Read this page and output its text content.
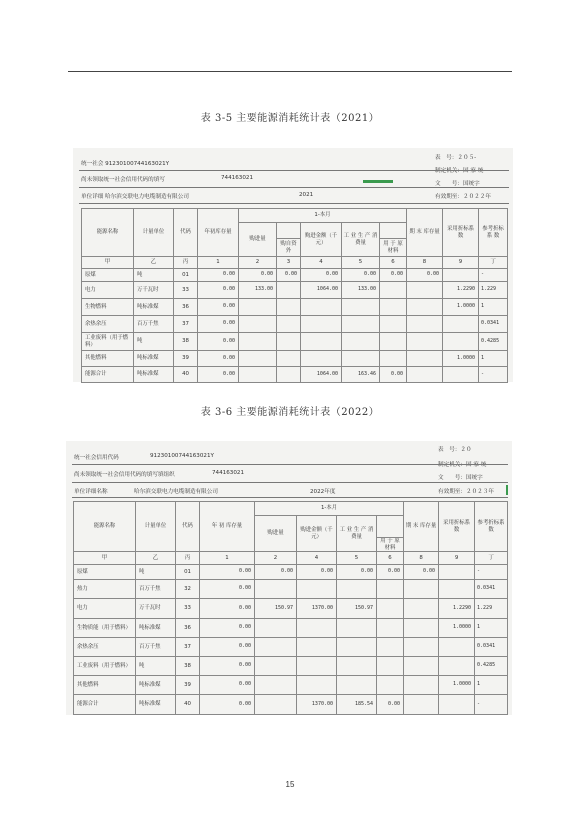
表 3-5 主要能源消耗统计表（2021）
统一社会 91230100744163021Y
尚未领取统一社会信用代码的填写	744163021
单位详细 哈尔滨交联电力电缆制造有限公司	2021
表　号：２０５-
制定机关：国 家 统
文　　号：国统字
有效期至：２０２２年
能源名称	计量单位	代码	年初库存量	1-本月					期 末 库存量	采用折标系 数	参考折标系 数
				购进量		购进金额（千元）	工 业 生 产 消费量				
					购自资外			用 于 原材料			
甲	乙	丙	1	2	3	4	5	6	8	9	丁
原煤	吨	01	0.00	0.00	0.00	0.00	0.00	0.00	0.00		-
电力	万千瓦时	33	0.00	133.00		1064.00	133.00			1.2290	1.229
生物燃料	吨标准煤	36	0.00							1.0000	1
余热余压	百万千焦	37	0.00								0.0341
工业废料（用于燃料）	吨	38	0.00								0.4285
其他燃料	吨标准煤	39	0.00							1.0000	1
能源合计	吨标准煤	40	0.00			1064.00	163.46	0.00			-
表 3-6 主要能源消耗统计表（2022）
统一社会信用代码	91230100744163021Y
尚未领取统一社会信用代码的填写填组织	744163021
单位详细名称	哈尔滨交联电力电缆制造有限公司	2022年度
表　号：２０
制定机关：国 家 统
文　　号：国统字
有效期至：２０２３年
能源名称	计量单位	代码	年 初 库存量	1-本月				期 末 库存量	采用折标系 数	参考折标系 数
				购进量	购进金额（千元）	工 业 生 产 消费量				
							用 于 原材料			
甲	乙	丙	1	2	4	5	6	8	9	丁
原煤	吨	01	0.00	0.00	0.00	0.00	0.00	0.00		-
热力	百万千焦	32	0.00							0.0341
电力	万千瓦时	33	0.00	150.97	1370.00	150.97			1.2290	1.229
生物质能（用于燃料）	吨标准煤	36	0.00						1.0000	1
余热余压	百万千焦	37	0.00							0.0341
工业废料（用于燃料）	吨	38	0.00							0.4285
其他燃料	吨标准煤	39	0.00						1.0000	1
能源合计	吨标准煤	40	0.00		1370.00	185.54	0.00			-
15
